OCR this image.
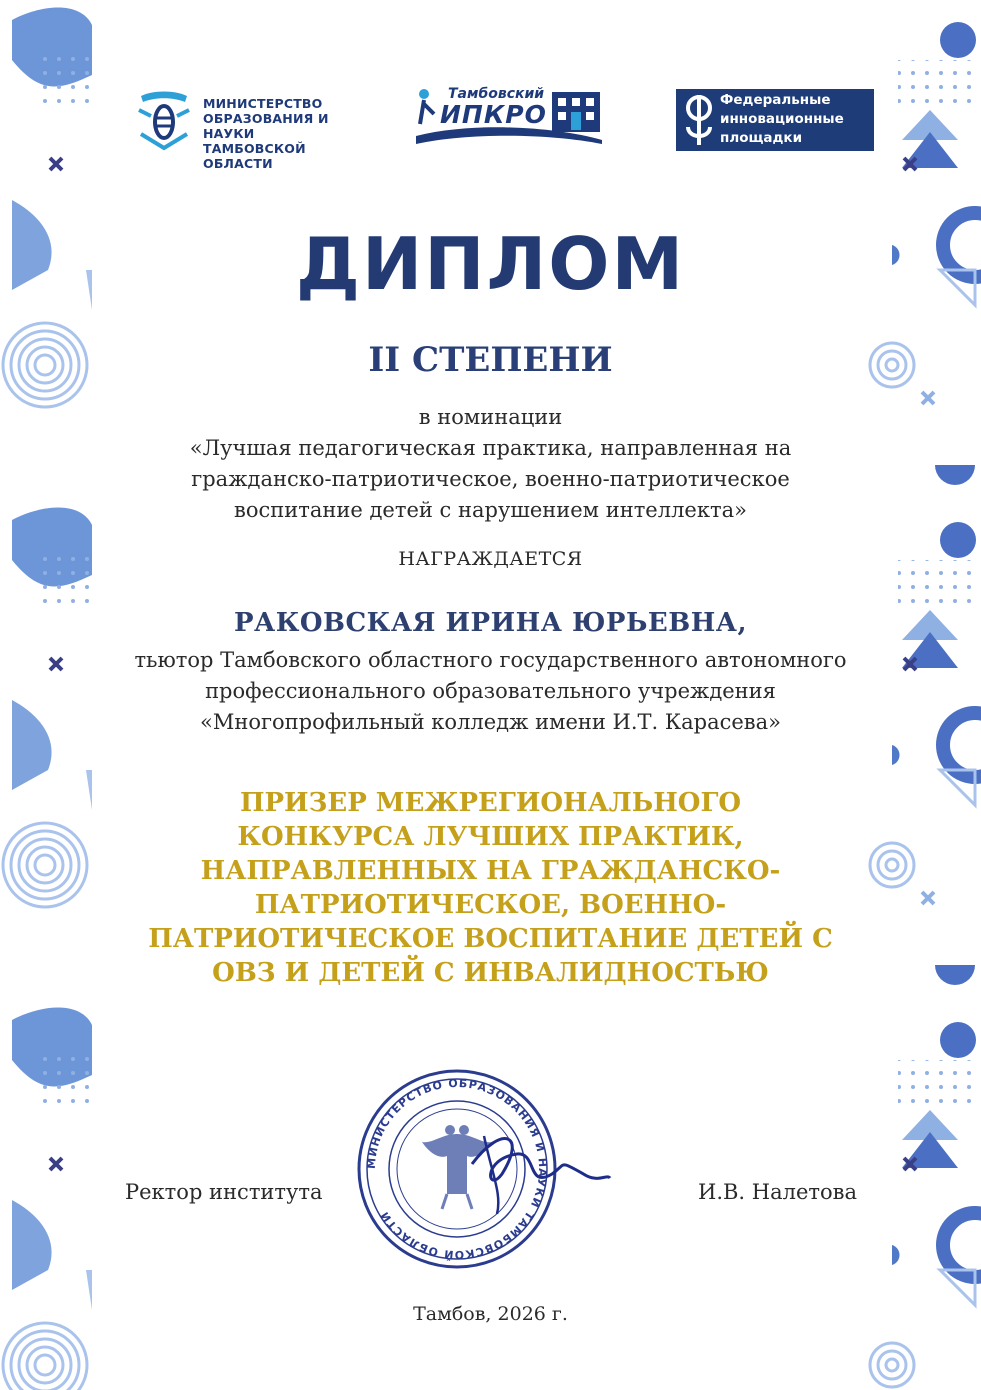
МИНИСТЕРСТВО
ОБРАЗОВАНИЯ И НАУКИ
ТАМБОВСКОЙ ОБЛАСТИ
Тамбовский
ИПКРО	Федеральные
инновационные
площадки
ДИПЛОМ
II СТЕПЕНИ
в номинации
«Лучшая педагогическая практика, направленная на
гражданско-патриотическое, военно-патриотическое
воспитание детей с нарушением интеллекта»
НАГРАЖДАЕТСЯ
РАКОВСКАЯ ИРИНА ЮРЬЕВНА,
тьютор Тамбовского областного государственного автономного
профессионального образовательного учреждения
«Многопрофильный колледж имени И.Т. Карасева»
ПРИЗЕР МЕЖРЕГИОНАЛЬНОГО
КОНКУРСА ЛУЧШИХ ПРАКТИК,
НАПРАВЛЕННЫХ НА ГРАЖДАНСКО-
ПАТРИОТИЧЕСКОЕ, ВОЕННО-
ПАТРИОТИЧЕСКОЕ ВОСПИТАНИЕ ДЕТЕЙ С
ОВЗ И ДЕТЕЙ С ИНВАЛИДНОСТЬЮ
МИНИСТЕРСТВО ОБРАЗОВАНИЯ И НАУКИ ТАМБОВСКОЙ ОБЛАСТИ
Ректор института	И.В. Налетова
Тамбов, 2026 г.
